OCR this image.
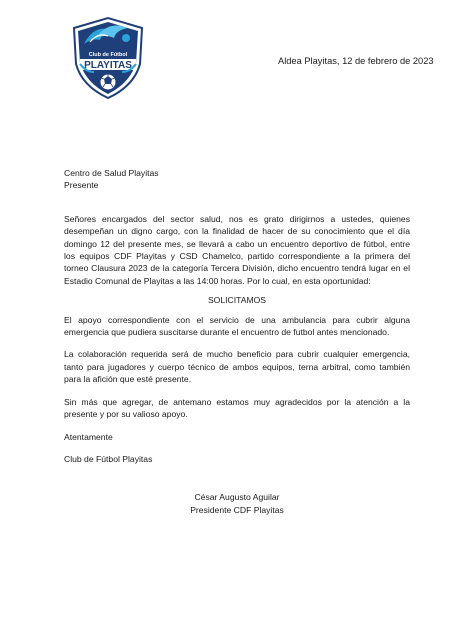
Club de Fútbol
PLAYITAS	Aldea Playitas, 12 de febrero de 2023

Centro de Salud Playitas

Presente

Señores encargados del sector salud, nos es grato dirigirnos a ustedes, quienes desempeñan un digno cargo, con la finalidad de hacer de su conocimiento que el día domingo 12 del presente mes, se llevará a cabo un encuentro deportivo de fútbol, entre los equipos CDF Playitas y CSD Chamelco, partido correspondiente a la primera del torneo Clausura 2023 de la categoría Tercera División, dicho encuentro tendrá lugar en el Estadio Comunal de Playitas a las 14:00 horas. Por lo cual, en esta oportunidad:

SOLICITAMOS

El apoyo correspondiente con el servicio de una ambulancia para cubrir alguna emergencia que pudiera suscitarse durante el encuentro de futbol antes mencionado.

La colaboración requerida será de mucho beneficio para cubrir cualquier emergencia, tanto para jugadores y cuerpo técnico de ambos equipos, terna arbitral, como también para la afición que esté presente.

Sin más que agregar, de antemano estamos muy agradecidos por la atención a la presente y por su valioso apoyo.

Atentamente

Club de Fútbol Playitas

César Augusto Aguilar

Presidente CDF Playitas
